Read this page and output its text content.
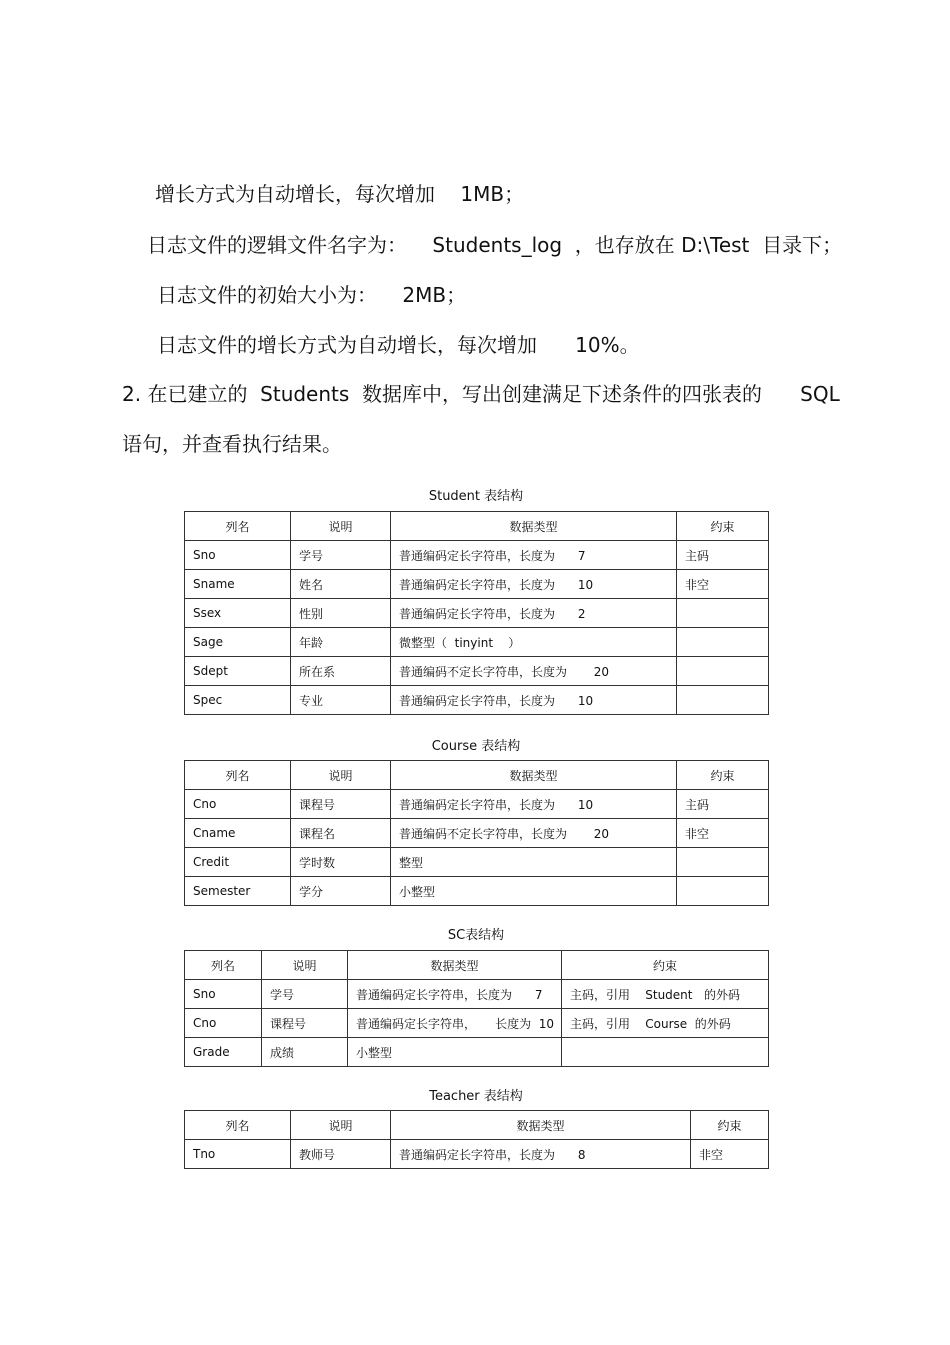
增长方式为自动增长，每次增加    1MB；
日志文件的逻辑文件名字为：    Students_log  ，也存放在 D:\Test  目录下；
日志文件的初始大小为：    2MB；
日志文件的增长方式为自动增长，每次增加      10%。
2. 在已建立的  Students  数据库中，写出创建满足下述条件的四张表的      SQL
语句，并查看执行结果。
Student 表结构
列名	说明	数据类型	约束
Sno	学号	普通编码定长字符串，长度为      7	主码
Sname	姓名	普通编码定长字符串，长度为      10	非空
Ssex	性别	普通编码定长字符串，长度为      2	
Sage	年龄	微整型（  tinyint    ）	
Sdept	所在系	普通编码不定长字符串，长度为       20	
Spec	专业	普通编码定长字符串，长度为      10	
Course 表结构
列名	说明	数据类型	约束
Cno	课程号	普通编码定长字符串，长度为      10	主码
Cname	课程名	普通编码不定长字符串，长度为       20	非空
Credit	学时数	整型	
Semester	学分	小整型	
SC表结构
列名	说明	数据类型	约束
Sno	学号	普通编码定长字符串，长度为      7	主码，引用    Student   的外码
Cno	课程号	普通编码定长字符串，     长度为  10	主码，引用    Course  的外码
Grade	成绩	小整型	
Teacher 表结构
列名	说明	数据类型	约束
Tno	教师号	普通编码定长字符串，长度为      8	非空
